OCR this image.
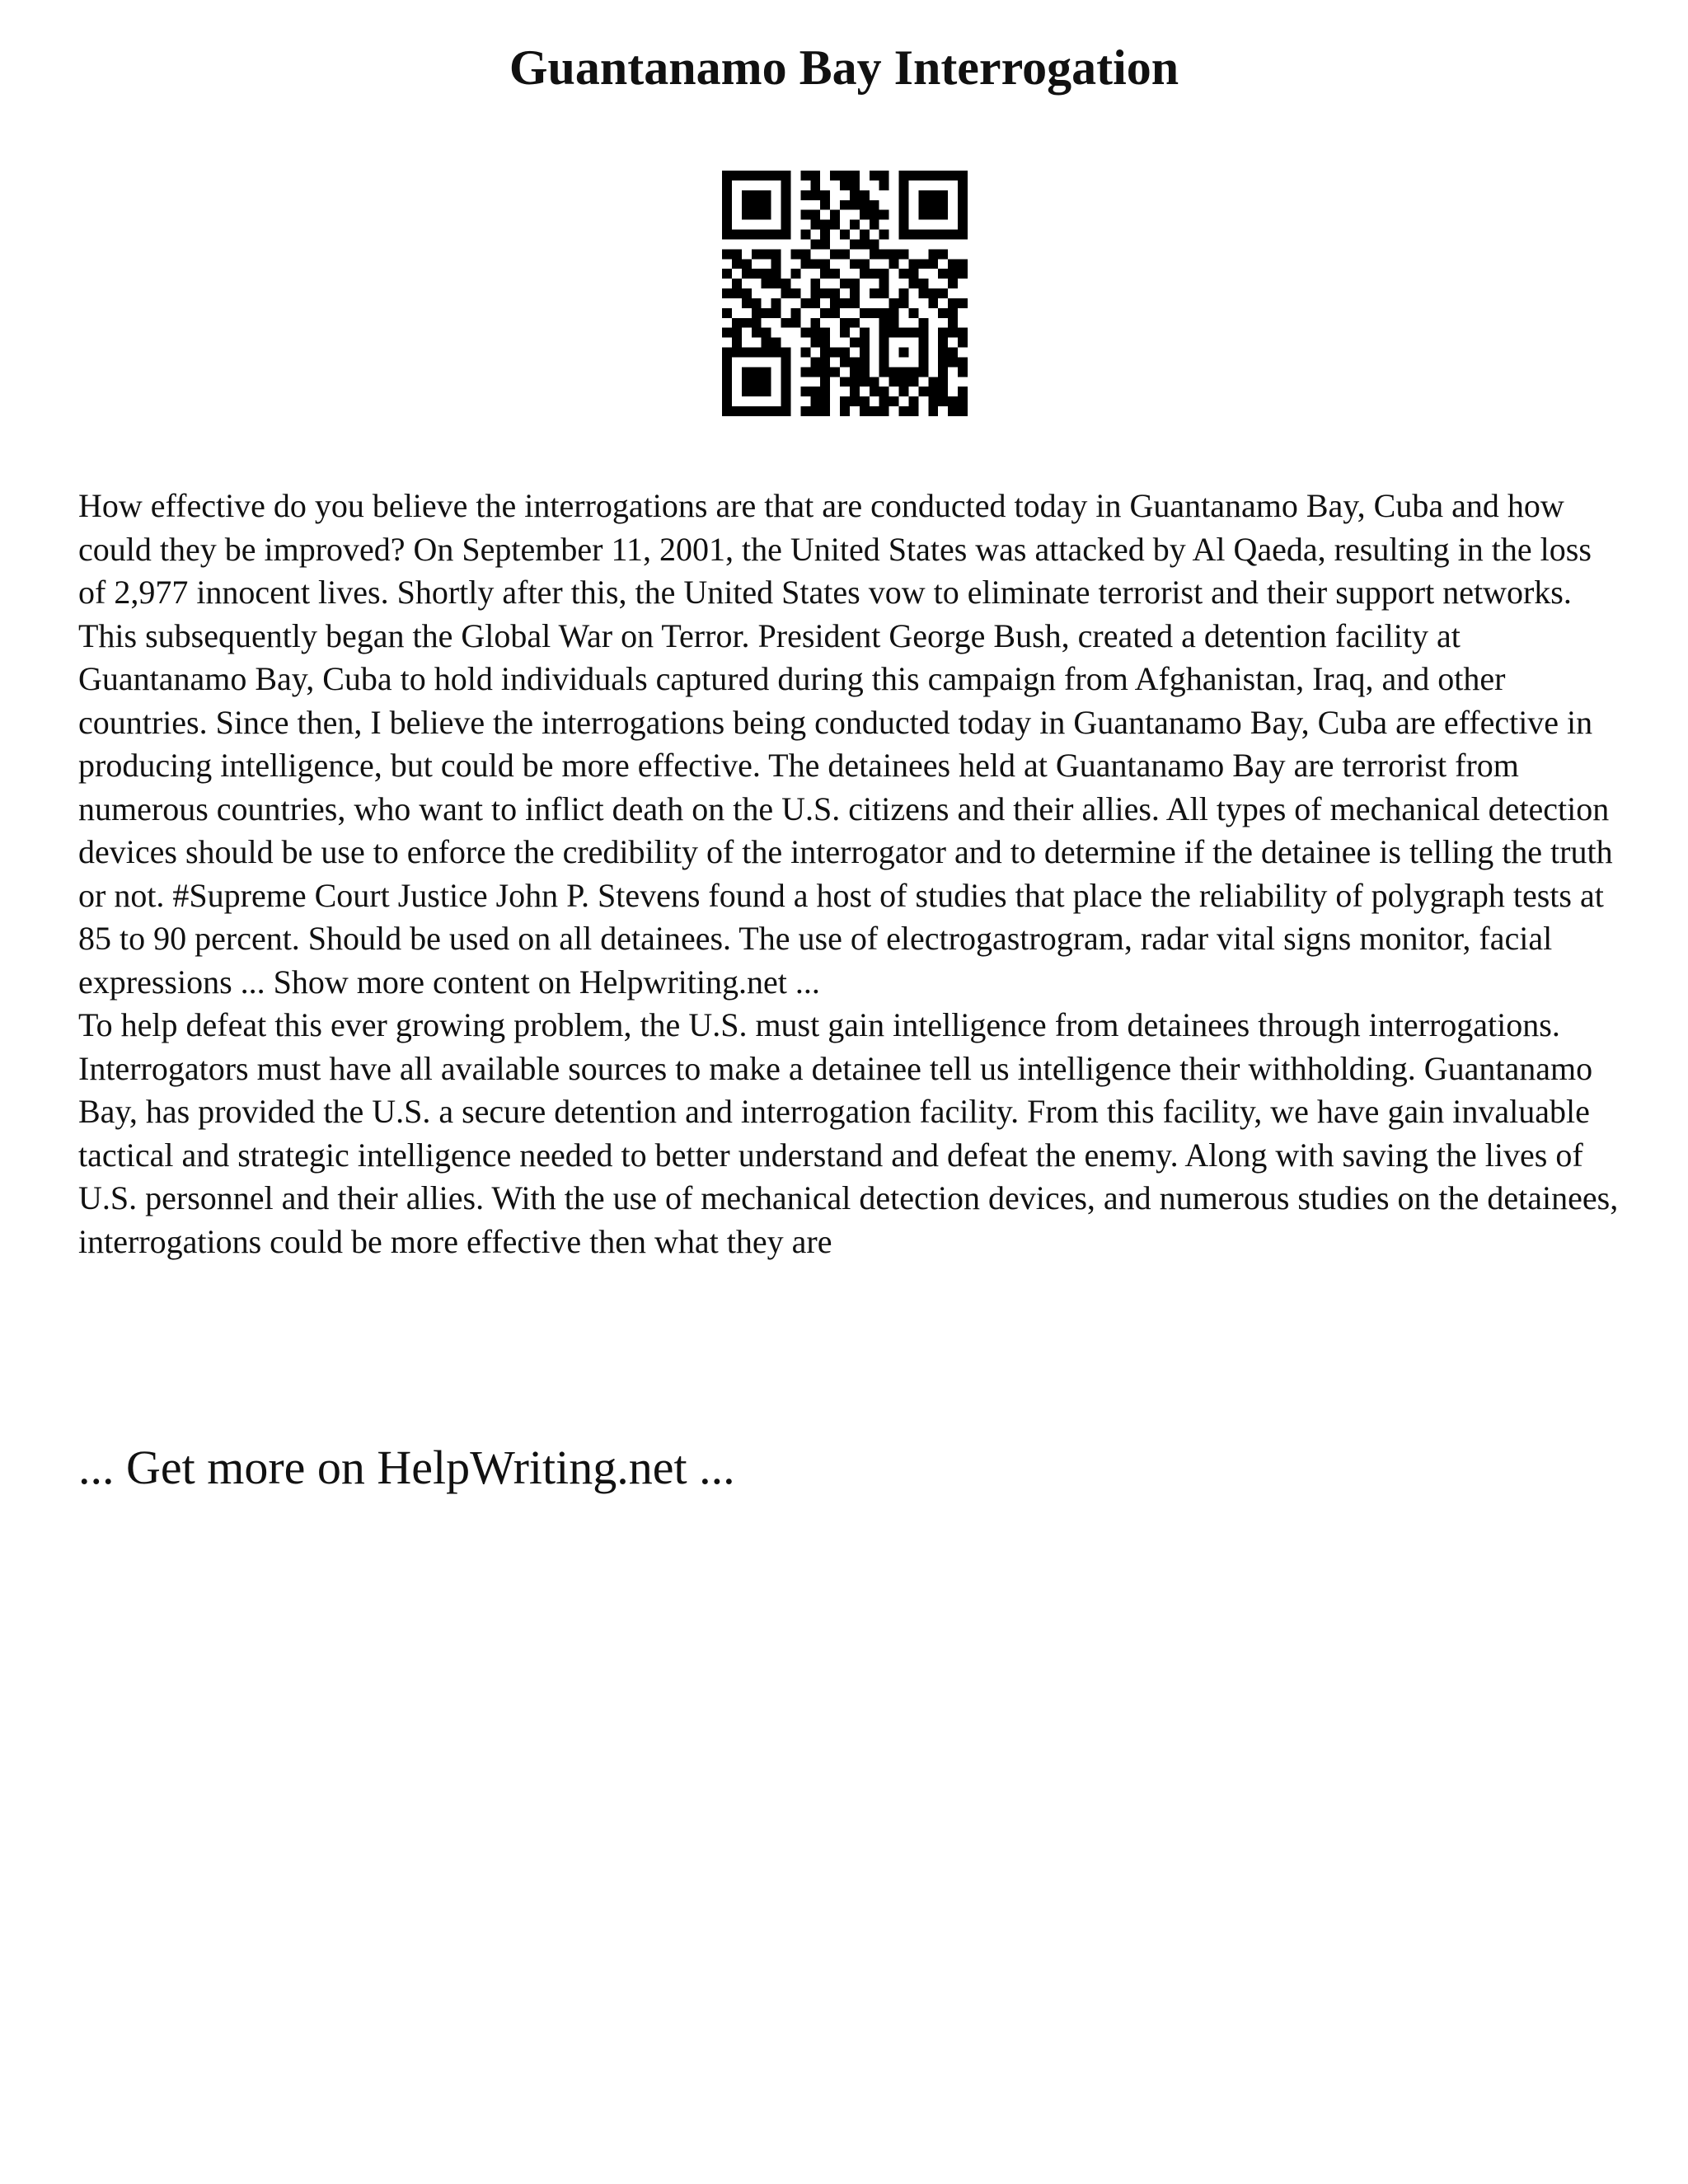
Guantanamo Bay Interrogation

How effective do you believe the interrogations are that are conducted today in Guantanamo Bay, Cuba and how could they be improved? On September 11, 2001, the United States was attacked by Al Qaeda, resulting in the loss of 2,977 innocent lives. Shortly after this, the United States vow to eliminate terrorist and their support networks. This subsequently began the Global War on Terror. President George Bush, created a detention facility at Guantanamo Bay, Cuba to hold individuals captured during this campaign from Afghanistan, Iraq, and other countries. Since then, I believe the interrogations being conducted today in Guantanamo Bay, Cuba are effective in producing intelligence, but could be more effective. The detainees held at Guantanamo Bay are terrorist from numerous countries, who want to inflict death on the U.S. citizens and their allies. All types of mechanical detection devices should be use to enforce the credibility of the interrogator and to determine if the detainee is telling the truth or not. #Supreme Court Justice John P. Stevens found a host of studies that place the reliability of polygraph tests at 85 to 90 percent. Should be used on all detainees. The use of electrogastrogram, radar vital signs monitor, facial expressions ... Show more content on Helpwriting.net ...

To help defeat this ever growing problem, the U.S. must gain intelligence from detainees through interrogations. Interrogators must have all available sources to make a detainee tell us intelligence their withholding. Guantanamo Bay, has provided the U.S. a secure detention and interrogation facility. From this facility, we have gain invaluable tactical and strategic intelligence needed to better understand and defeat the enemy. Along with saving the lives of U.S. personnel and their allies. With the use of mechanical detection devices, and numerous studies on the detainees, interrogations could be more effective then what they are

... Get more on HelpWriting.net ...
